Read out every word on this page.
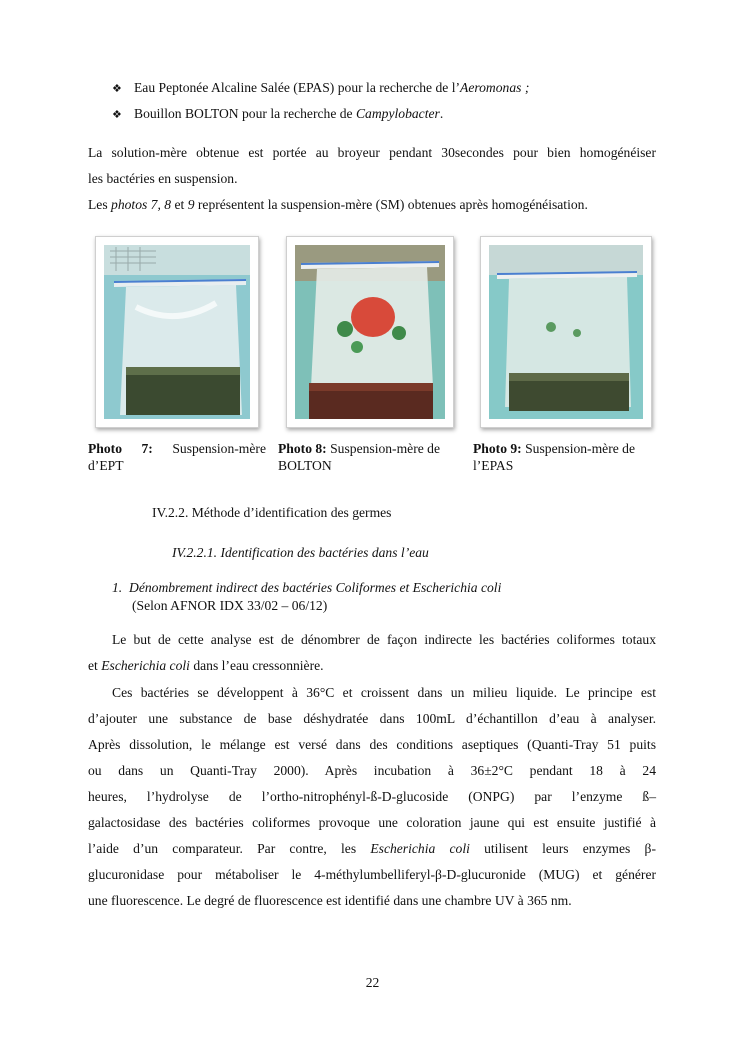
❖ Eau Peptonée Alcaline Salée (EPAS) pour la recherche de l’Aeromonas ;
❖ Bouillon BOLTON pour la recherche de Campylobacter.
La solution-mère obtenue est portée au broyeur pendant 30secondes pour bien homogénéiser
les bactéries en suspension.
Les photos 7, 8 et 9 représentent la suspension-mère (SM) obtenues après homogénéisation.
Photo 7: Suspension-mère
d’EPT
Photo 8: Suspension-mère de
BOLTON
Photo 9: Suspension-mère de
l’EPAS
IV.2.2. Méthode d’identification des germes
IV.2.2.1. Identification des bactéries dans l’eau
1. Dénombrement indirect des bactéries Coliformes et Escherichia coli
(Selon AFNOR IDX 33/02 – 06/12)
Le but de cette analyse est de dénombrer de façon indirecte les bactéries coliformes totaux
et Escherichia coli dans l’eau cressonnière.
Ces bactéries se développent à 36°C et croissent dans un milieu liquide. Le principe est
d’ajouter une substance de base déshydratée dans 100mL d’échantillon d’eau à analyser.
Après dissolution, le mélange est versé dans des conditions aseptiques (Quanti-Tray 51 puits
ou dans un Quanti-Tray 2000). Après incubation à 36±2°C pendant 18 à 24
heures, l’hydrolyse de l’ortho-nitrophényl-ß-D-glucoside (ONPG) par l’enzyme ß–
galactosidase des bactéries coliformes provoque une coloration jaune qui est ensuite justifié à
l’aide d’un comparateur. Par contre, les Escherichia coli utilisent leurs enzymes β-
glucuronidase pour métaboliser le 4-méthylumbelliferyl-β-D-glucuronide (MUG) et générer
une fluorescence. Le degré de fluorescence est identifié dans une chambre UV à 365 nm.
22
